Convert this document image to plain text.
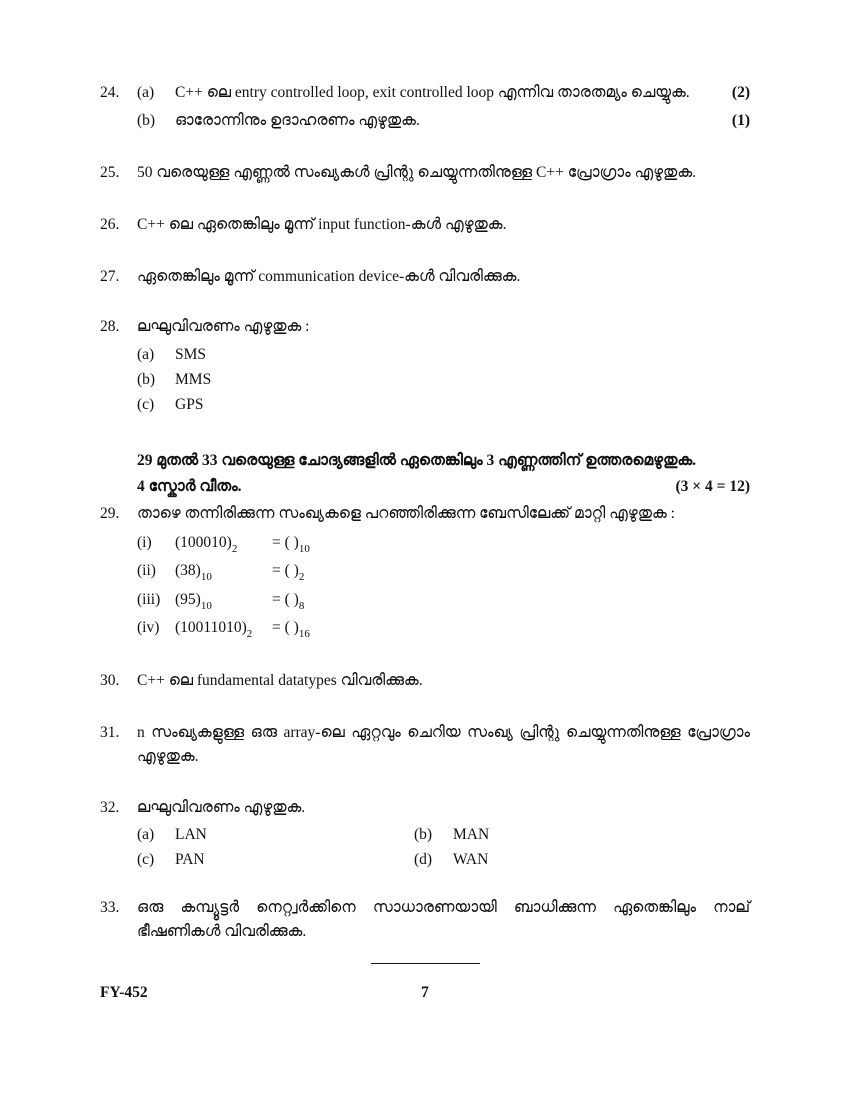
24. (a) C++ ലെ entry controlled loop, exit controlled loop എന്നിവ താരതമ്യം ചെയ്യുക.	(2)
(b) ഓരോന്നിനും ഉദാഹരണം എഴുതുക.	(1)
25. 50 വരെയുള്ള എണ്ണൽ സംഖ്യകൾ പ്രിന്റു ചെയ്യുന്നതിനുള്ള C++ പ്രോഗ്രാം എഴുതുക.
26. C++ ലെ ഏതെങ്കിലും മൂന്ന് input function-കൾ എഴുതുക.
27. ഏതെങ്കിലും മൂന്ന് communication device-കൾ വിവരിക്കുക.
28. ലഘുവിവരണം എഴുതുക :
(a) SMS
(b) MMS
(c) GPS
29 മുതൽ 33 വരെയുള്ള ചോദ്യങ്ങളിൽ ഏതെങ്കിലും 3 എണ്ണത്തിന് ഉത്തരമെഴുതുക.
4 സ്കോർ വീതം.	(3 × 4 = 12)
29. താഴെ തന്നിരിക്കുന്ന സംഖ്യകളെ പറഞ്ഞിരിക്കുന്ന ബേസിലേക്ക് മാറ്റി എഴുതുക :
(i) $(100010)_2$ = ( )$_{10}$
(ii) $(38)_{10}$	= ( )$_2$
(iii) $(95)_{10}$	= ( )$_8$
(iv) $(10011010)_2$ = ( )$_{16}$
30. C++ ലെ fundamental datatypes വിവരിക്കുക.
31. n സംഖ്യകളുള്ള ഒരു array-ലെ ഏറ്റവും ചെറിയ സംഖ്യ പ്രിന്റു ചെയ്യുന്നതിനുള്ള പ്രോഗ്രാം എഴുതുക.
32. ലഘുവിവരണം എഴുതുക.
(a) LAN	(b) MAN
(c) PAN	(d) WAN
33. ഒരു കമ്പ്യൂട്ടർ നെറ്റ്വർക്കിനെ സാധാരണയായി ബാധിക്കുന്ന ഏതെങ്കിലും നാല് ഭീഷണികൾ വിവരിക്കുക.
FY-452	7
